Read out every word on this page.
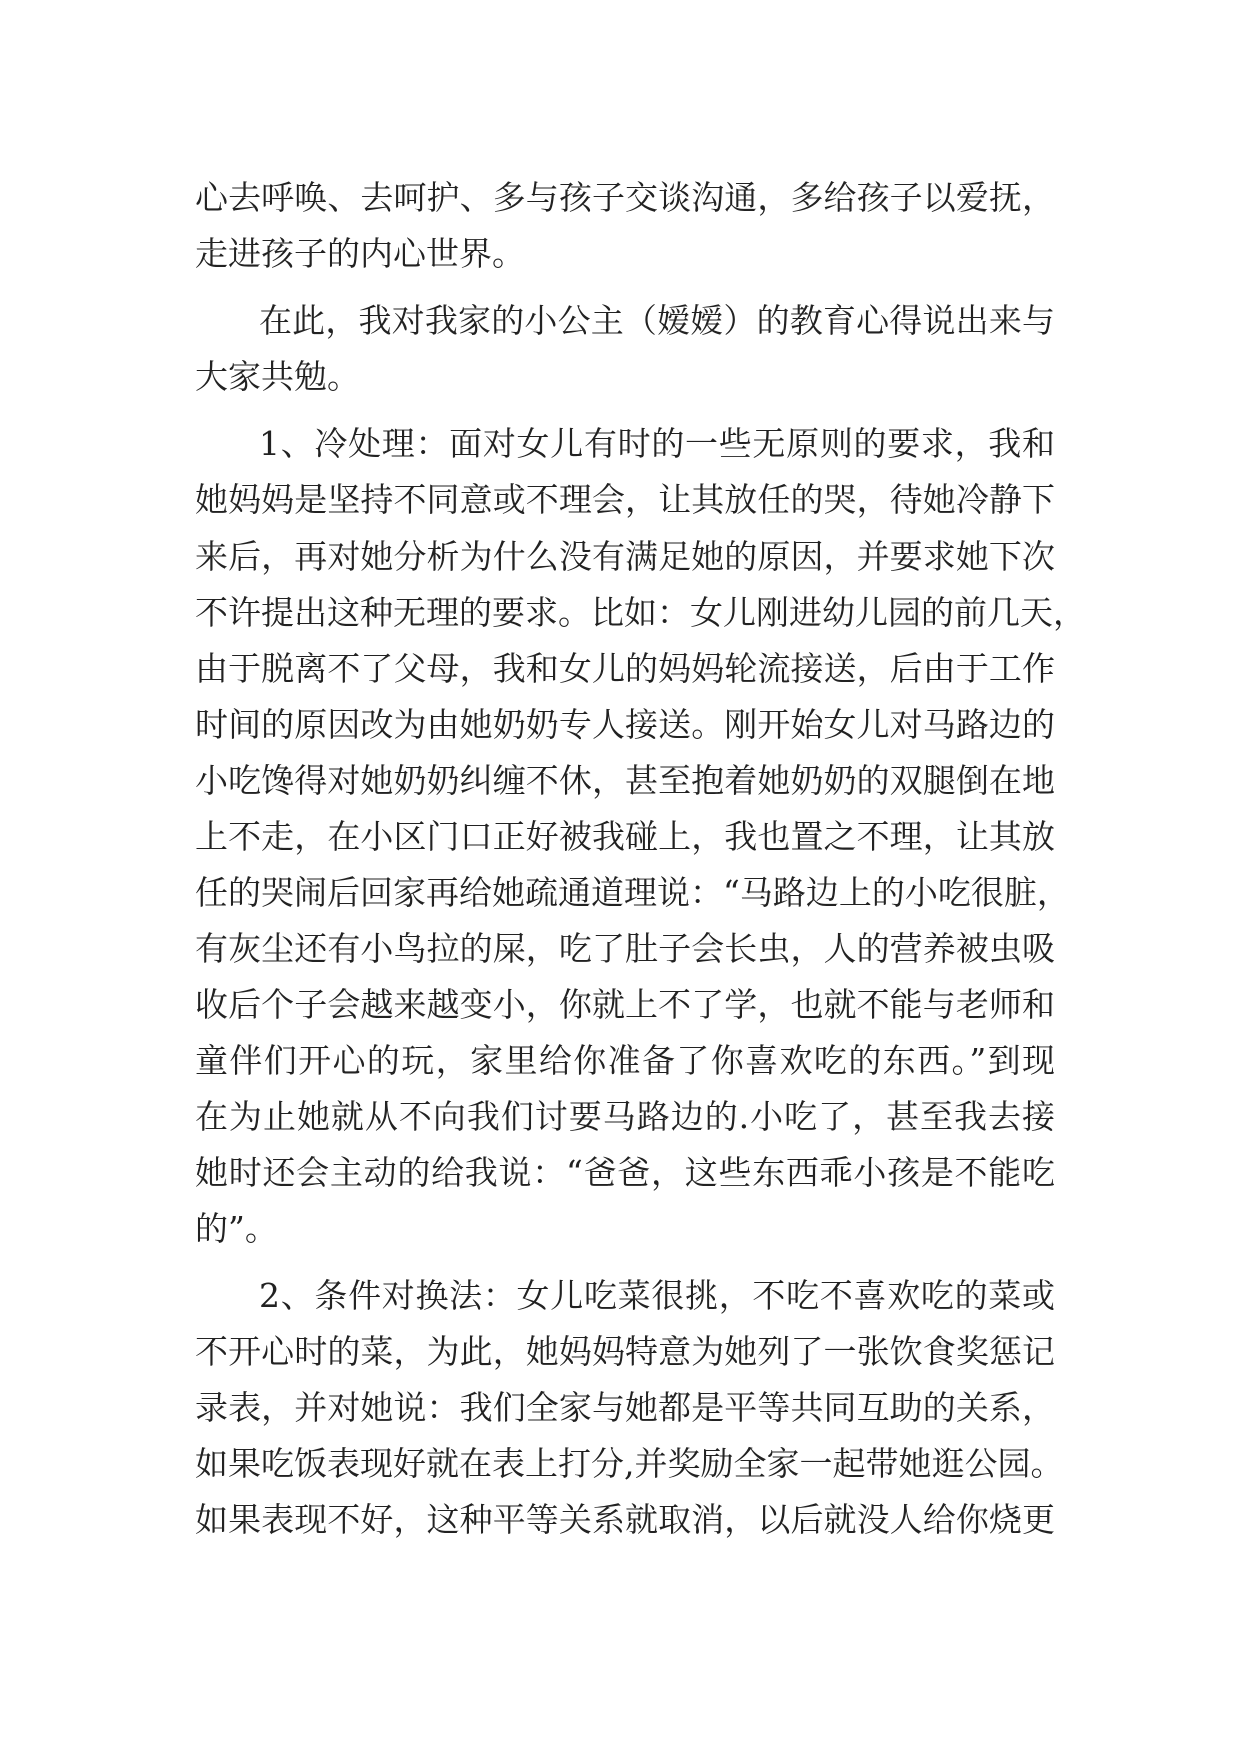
心去呼唤、去呵护、多与孩子交谈沟通，多给孩子以爱抚，
走进孩子的内心世界。
在此，我对我家的小公主（嫒嫒）的教育心得说出来与
大家共勉。
1、冷处理：面对女儿有时的一些无原则的要求，我和
她妈妈是坚持不同意或不理会，让其放任的哭，待她冷静下
来后，再对她分析为什么没有满足她的原因，并要求她下次
不许提出这种无理的要求。比如：女儿刚进幼儿园的前几天，
由于脱离不了父母，我和女儿的妈妈轮流接送，后由于工作
时间的原因改为由她奶奶专人接送。刚开始女儿对马路边的
小吃馋得对她奶奶纠缠不休，甚至抱着她奶奶的双腿倒在地
上不走，在小区门口正好被我碰上，我也置之不理，让其放
任的哭闹后回家再给她疏通道理说：“马路边上的小吃很脏，
有灰尘还有小鸟拉的屎，吃了肚子会长虫，人的营养被虫吸
收后个子会越来越变小，你就上不了学，也就不能与老师和
童伴们开心的玩，家里给你准备了你喜欢吃的东西。”到现
在为止她就从不向我们讨要马路边的.小吃了，甚至我去接
她时还会主动的给我说：“爸爸，这些东西乖小孩是不能吃
的”。
2、条件对换法：女儿吃菜很挑，不吃不喜欢吃的菜或
不开心时的菜，为此，她妈妈特意为她列了一张饮食奖惩记
录表，并对她说：我们全家与她都是平等共同互助的关系，
如果吃饭表现好就在表上打分,并奖励全家一起带她逛公园。
如果表现不好，这种平等关系就取消，以后就没人给你烧更
